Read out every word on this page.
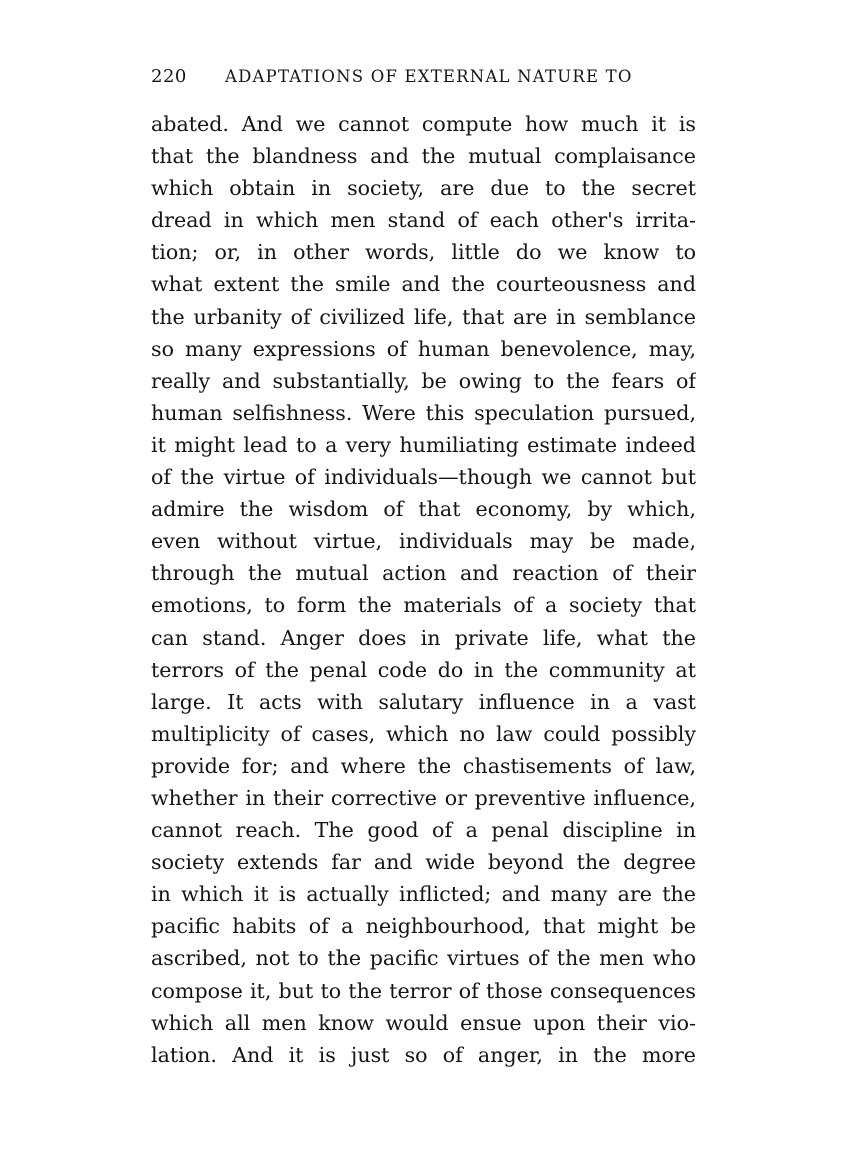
220 ADAPTATIONS OF EXTERNAL NATURE TO
abated. And we cannot compute how much it is
that the blandness and the mutual complaisance
which obtain in society, are due to the secret
dread in which men stand of each other's irrita-
tion; or, in other words, little do we know to
what extent the smile and the courteousness and
the urbanity of civilized life, that are in semblance
so many expressions of human benevolence, may,
really and substantially, be owing to the fears of
human selfishness. Were this speculation pursued,
it might lead to a very humiliating estimate indeed
of the virtue of individuals—though we cannot but
admire the wisdom of that economy, by which,
even without virtue, individuals may be made,
through the mutual action and reaction of their
emotions, to form the materials of a society that
can stand. Anger does in private life, what the
terrors of the penal code do in the community at
large. It acts with salutary influence in a vast
multiplicity of cases, which no law could possibly
provide for; and where the chastisements of law,
whether in their corrective or preventive influence,
cannot reach. The good of a penal discipline in
society extends far and wide beyond the degree
in which it is actually inflicted; and many are the
pacific habits of a neighbourhood, that might be
ascribed, not to the pacific virtues of the men who
compose it, but to the terror of those consequences
which all men know would ensue upon their vio-
lation. And it is just so of anger, in the more
